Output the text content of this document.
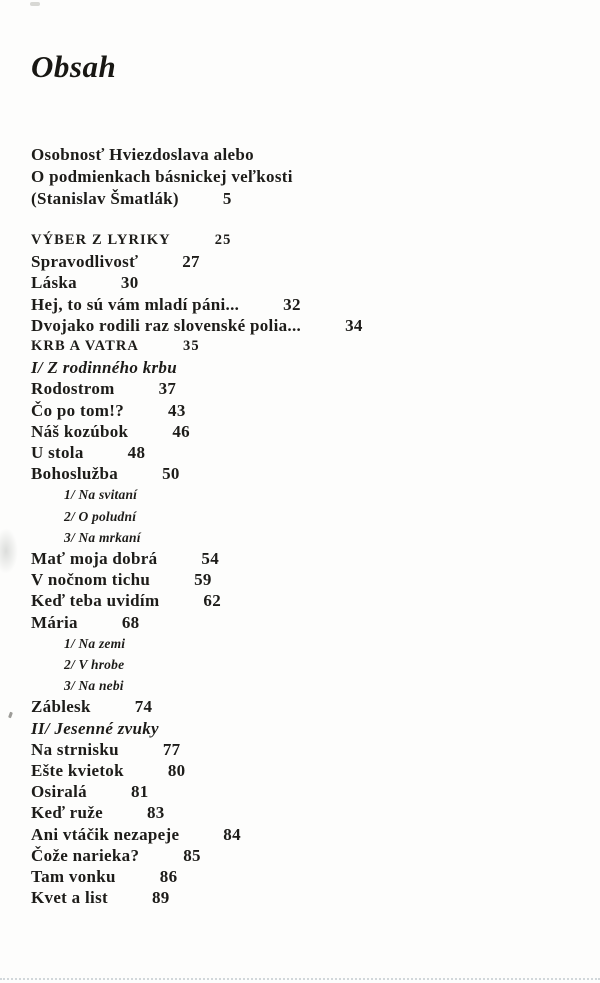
Obsah
Osobnosť Hviezdoslava alebo
O podmienkach básnickej veľkosti
(Stanislav Šmatlák)	5
VÝBER Z LYRIKY	25
Spravodlivosť	27
Láska	30
Hej, to sú vám mladí páni...	32
Dvojako rodili raz slovenské polia...	34
KRB A VATRA	35
I/ Z rodinného krbu
Rodostrom	37
Čo po tom!?	43
Náš kozúbok	46
U stola	48
Bohoslužba	50
1/ Na svitaní
2/ O poludní
3/ Na mrkaní
Mať moja dobrá	54
V nočnom tichu	59
Keď teba uvidím	62
Mária	68
1/ Na zemi
2/ V hrobe
3/ Na nebi
Záblesk	74
II/ Jesenné zvuky
Na strnisku	77
Ešte kvietok	80
Osiralá	81
Keď ruže	83
Ani vtáčik nezapeje	84
Čože narieka?	85
Tam vonku	86
Kvet a list	89
